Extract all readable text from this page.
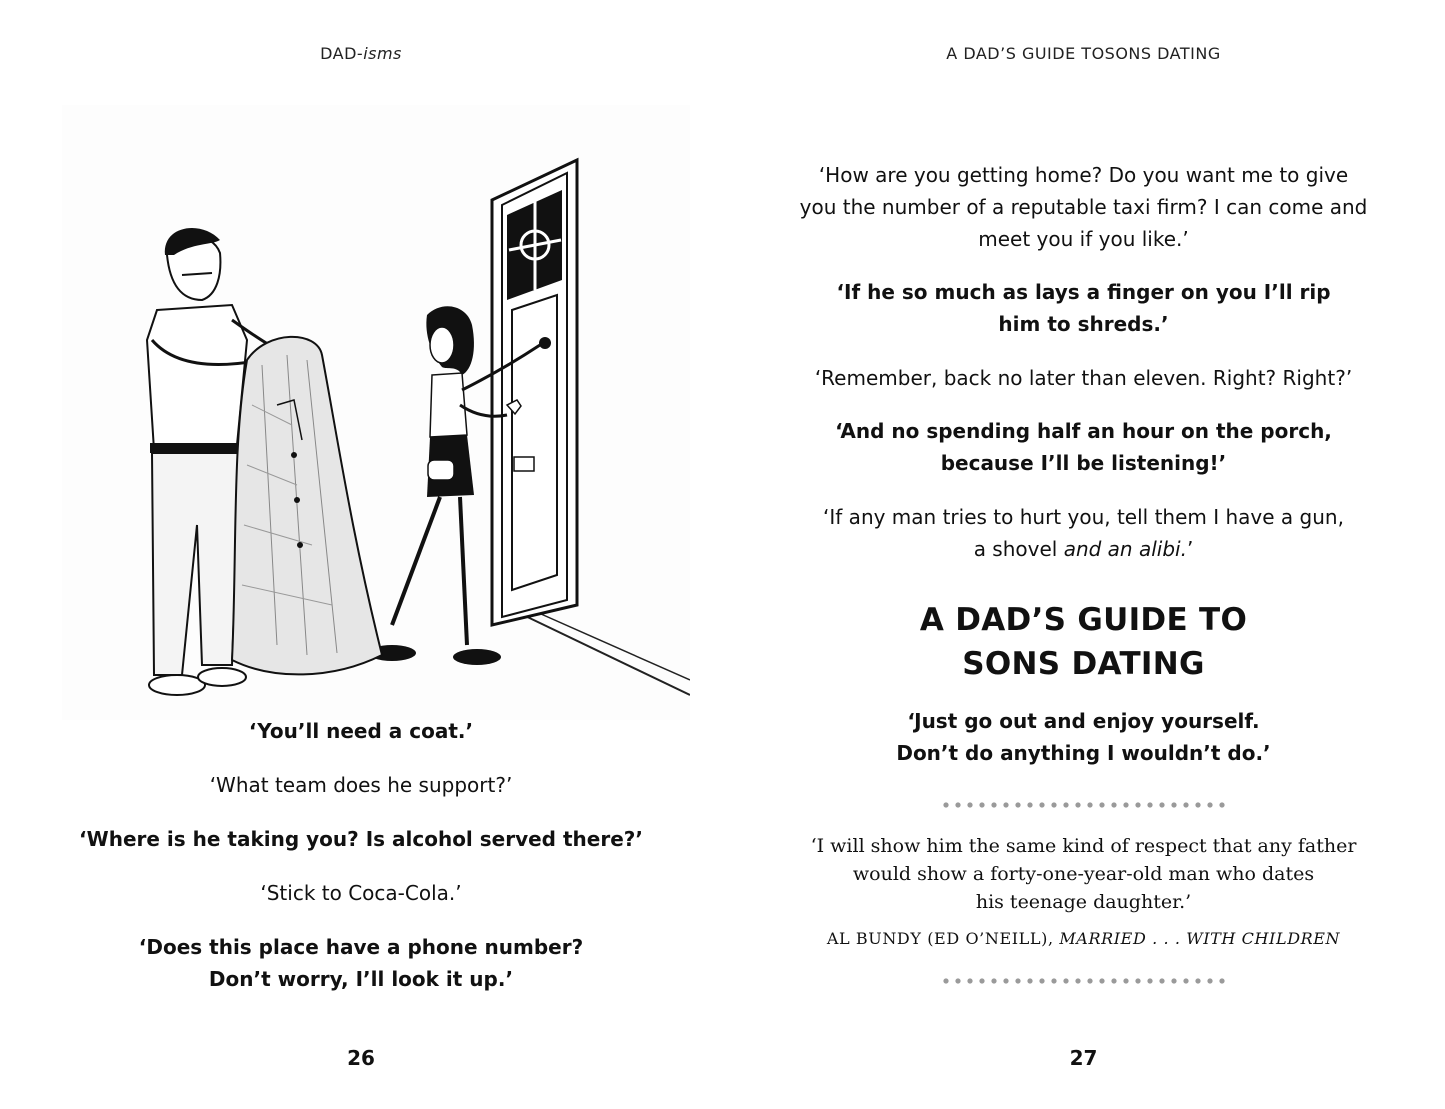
DAD-isms
‘You’ll need a coat.’
‘What team does he support?’
‘Where is he taking you? Is alcohol served there?’
‘Stick to Coca-Cola.’
‘Does this place have a phone number?
Don’t worry, I’ll look it up.’
26
A DAD’S GUIDE TOSONS DATING
‘How are you getting home? Do you want me to give
you the number of a reputable taxi firm? I can come and
meet you if you like.’
‘If he so much as lays a finger on you I’ll rip
him to shreds.’
‘Remember, back no later than eleven. Right? Right?’
‘And no spending half an hour on the porch,
because I’ll be listening!’
‘If any man tries to hurt you, tell them I have a gun,
a shovel and an alibi.’
A DAD’S GUIDE TO
SONS DATING
‘Just go out and enjoy yourself.
Don’t do anything I wouldn’t do.’
‘I will show him the same kind of respect that any father
would show a forty-one-year-old man who dates
his teenage daughter.’
AL BUNDY (ED O’NEILL), MARRIED . . . WITH CHILDREN
27
